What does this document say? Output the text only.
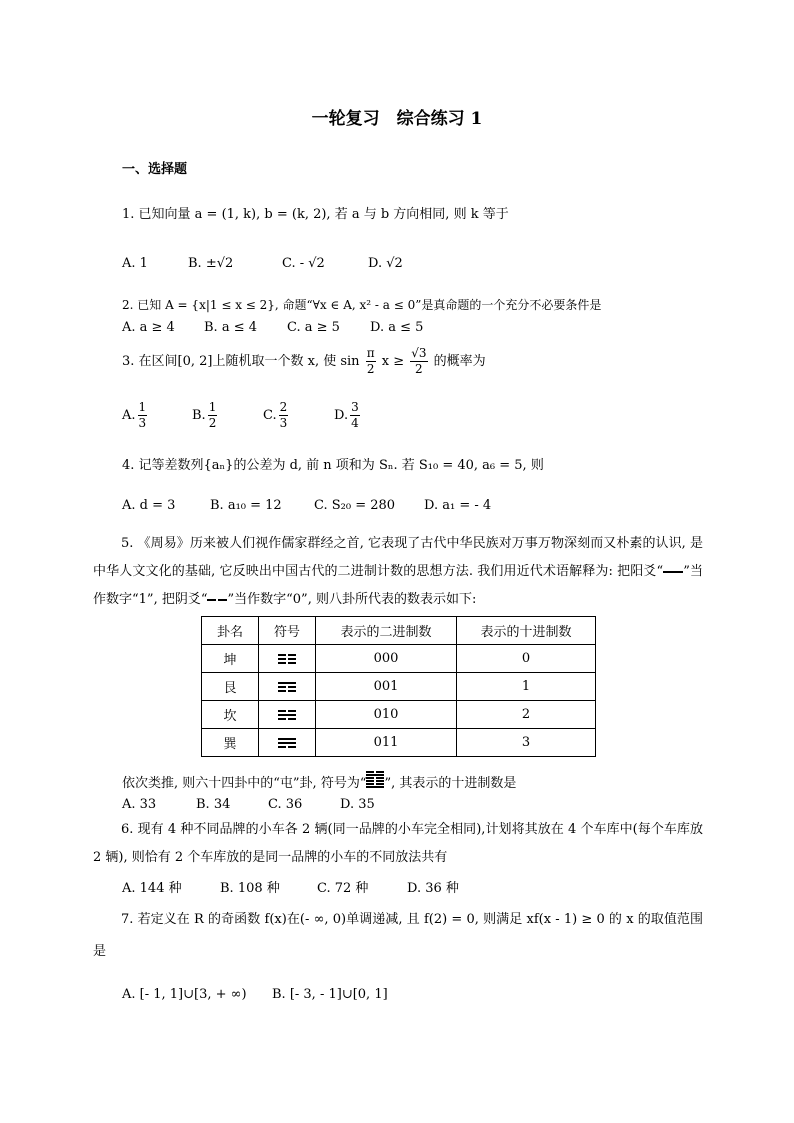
一轮复习　综合练习 1
一、选择题
1. 已知向量 a = (1, k), b = (k, 2), 若 a 与 b 方向相同, 则 k 等于
A. 1	B. ±√2	C. - √2	D. √2
2. 已知 A = {x|1 ≤ x ≤ 2}, 命题“∀x ∈ A, x² - a ≤ 0”是真命题的一个充分不必要条件是
A. a ≥ 4 B. a ≤ 4 C. a ≥ 5 D. a ≤ 5
3. 在区间[0, 2]上随机取一个数 x, 使 $\sin \frac{\pi}{2}$ $x \ge \frac{√3}{2}$ 的概率为
A. $\frac{1}{3}$	B. $\frac{1}{2}$	C. $\frac{2}{3}$	D. $\frac{3}{4}$
4. 记等差数列{aₙ}的公差为 d, 前 n 项和为 Sₙ. 若 S₁₀ = 40, a₆ = 5, 则
A. d = 3	B. a₁₀ = 12 C. S₂₀ = 280 D. a₁ = - 4
5. 《周易》历来被人们视作儒家群经之首, 它表现了古代中华民族对万事万物深刻而又朴素的认识, 是中华人文文化的基础, 它反映出中国古代的二进制计数的思想方法. 我们用近代术语解释为: 把阳爻“ ”当作数字“1”, 把阴爻“ ”当作数字“0”, 则八卦所代表的数表示如下:
卦名	符号	表示的二进制数	表示的十进制数
坤		000	0
艮		001	1
坎		010	2
巽		011	3
依次类推, 则六十四卦中的“屯”卦, 符号为“ ”, 其表示的十进制数是
A. 33	B. 34	C. 36	D. 35
6. 现有 4 种不同品牌的小车各 2 辆(同一品牌的小车完全相同),计划将其放在 4 个车库中(每个车库放 2 辆), 则恰有 2 个车库放的是同一品牌的小车的不同放法共有
A. 144 种	B. 108 种	C. 72 种	D. 36 种
7. 若定义在 R 的奇函数 f(x)在(- ∞, 0)单调递减, 且 f(2) = 0, 则满足 xf(x - 1) ≥ 0 的 x 的取值范围是
A. [- 1, 1]∪[3, + ∞) B. [- 3, - 1]∪[0, 1]
